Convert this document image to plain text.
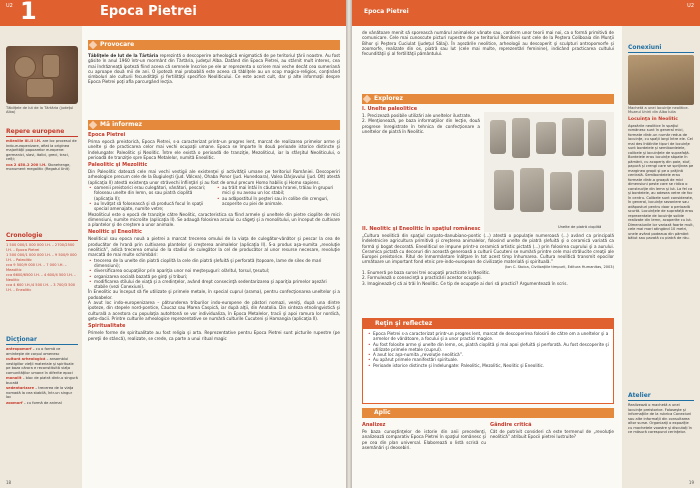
U2 1	Epoca Pietrei
Tăbliţele de lut de la Tărtăria (judeţul Alba)
Repere europene
mileniile III–II î.H. are loc procesul de indo-europenizare, afiat la originea majorităţii popoarelor europene: germanici, slavi, italici, greci, traci, celţi;
cca 2 450–2 200 î.H. Stonehenge, monument megalitic (Regatul Unit)
Cronologie
1 500 000/1 000 000 î.H. – 2700/2500 î.H. – Epoca Pietrei
1 500 000/1 000 000 î.H. – 9 500/9 000 î.H. – Paleolitic
cca 9 500/9 000 î.H. – 7 000 î.H. – Mezolitic
cca 6600/6500 î.H. – 4 600/4 500 î.H. – Neolitic
cca 4 600 î.H./4 500 î.H. – 3 700/3 500 î.H. – Eneolitic
Dicţionar
antropomorf – cu o formă ce aminteşte de corpul omenesc
cultură arheologică – ansamblul vestigiilor vieţii materiale şi spirituale pe baza cărora e reconstituită viaţa comunităţilor umane în diferite epoci
monolit – bloc de piatră dintr-o singură bucată
sedentarizare – trecerea de la viaţa nomadă la cea stabilă, într-un singur loc
zoomorf – cu formă de animal
Provocare
Tăbliţele de lut de la Tărtăria reprezintă o descoperire arheologică enigmatică de pe teritoriul ţării noastre. Au fost găsite în anul 1960 într-un mormânt din Tărtăria, judeţul Alba. Datând din Epoca Pietrei, au stârnit mult interes, cea mai îndrăzneaţă ipoteză fiind aceea că semnele înscrise pe ele ar reprezenta o scriere mai veche decât cea sumeriană cu aproape două mii de ani. O ipoteză mai probabilă este aceea că tăbliţele au un scop magico-religios, conţinând simboluri ale culturii fecundităţii şi fertilităţii specifice Neoliticului. Ce este acest cult, dar şi alte informaţii despre Epoca Pietrei poţi afla parcurgând lecţia.
Mă informez
Epoca Pietrei
Prima epocă preistorică, Epoca Pietrei, s-a caracterizat printr-un progres lent, marcat de realizarea primelor arme şi unelte şi de practicarea celor mai vechi ocupaţii umane. Epoca se împarte în două perioade istorice distincte şi îndelungate: Paleolitic şi Neolitic. Între ele există o perioadă de tranziţie, Mezoliticul, iar la sfârşitul Neoliticului, o perioadă de tranziţie spre Epoca Metalelor, numită Eneolitic.
Paleolitic şi Mezolitic
Din Paleolitic datează cele mai vechi vestigii ale existenţei şi activităţii umane pe teritoriul României. Descoperiri arheologice precum cele de la Bugiuleşti (jud. Vâlcea), Ohaba Ponor (jud. Hunedoara), Valea Dârjovului (jud. Olt) atestă (aplicaţia II) atestă existenţa unor străvechi înfiinţări şi au fost de omul precum Homo habilis şi Homo sapiens.
• oamenii preistorici erau culegători, vânători, pescari; foloseau unelte din lemn, os sau piatră cioplită (aplicaţia II);
• au învăţat să folosească şi să producă focul în spaţii special amenajate, numite vetre;
• au trăit mai întâi în căutarea hranei, trăiau în grupuri mici şi nu aveau un loc stabil;
• au adăpostitul în peşteri sau în colibe din crenguri, acoperite cu piei de animale.
Mezoliticul este o epocă de tranziţie către Neolitic, caracteristica sa fiind armele şi uneltele din pietre cioplite de mici dimensiuni, numite microlite (aplicaţia II). Se adaugă folosirea arcului cu săgeţi şi a monolitului, un început de cultivare a plantelor şi de creştere a unor animale.
Neolitic şi Eneolitic
Neoliticul sau epoca nouă a pietrei a marcat trecerea omului de la viaţa de culegător-vânător şi pescar la cea de producător de hrană prin cultivarea plantelor şi creşterea animalelor (aplicaţia II). S-a produs aşa-numita „revoluţie neolitică”, adică trecerea omului de la stadiul de culegător la cel de producător al unor resurse necesare, revoluţie marcată de mai multe schimbări:
• trecerea de la unelte din piatră cioplită la cele din piatră şlefuită şi perforată (topoare, lame de silex de mari dimensiuni);
• diversificarea ocupaţiilor prin apariţia unor noi meşteşuguri: olăritul, torsul, ţesutul;
• organizarea socială bazată pe ginţi şi triburi;
• modificarea stilului de viaţă şi a credinţelor, având drept consecinţă sedentarizarea şi apariţia primelor aşezări stabile (vezi Conexiuni).
În Eneolitic au început să fie utilizate şi primele metale, în special cuprul (arama), pentru confecţionarea uneltelor şi a podoabelor.
A avut loc indo-europenizarea – pătrunderea triburilor indo-europene de păstori nomazi, veniţi, după una dintre ipoteze, din stepele nord-pontice, Caucaz sau Marea Caspică, iar după alţii, din Anatolia. Din sinteza etnolingvistică şi culturală a acestora cu populaţia autohtonă se vor individualiza, în Epoca Metalelor, tracii şi apoi ramura lor nordică, geto-dacii. Printre culturile arheologice reprezentative se numără culturile Cucuteni şi Hamangia (aplicaţia II).
Spiritualitate
Primele forme de spiritualitate au fost religia şi arta. Reprezentative pentru Epoca Pietrei sunt picturile rupestre (pe pereţii de stâncă), realizate, se crede, ca parte a unui ritual magic
18
Epoca Pietrei
U2
de vânătoare menit să sporească numărul animalelor vânate sau, conform unor teorii mai noi, ca o formă primitivă de comunicare. Cele mai cunoscute picturi rupestre de pe teritoriul României sunt cele de la Peştera Coliboaia din Munţii Bihor şi Peştera Cuciulat (judeţul Sălaj). În aşezările neolitice, arheologii au descoperit şi sculpturi antropomorfe şi zoomorfe, realizate din os, piatră sau lut (cele mai multe, reprezentări feminine), indicând practicarea cultului fecundităţii şi al fertilităţii pământului.
Explorez
I. Unelte paleolitice
1. Precizează posibile utilizări ale uneltelor ilustrate.
2. Menţionează, pe baza informaţiilor din lecţie, două progrese înregistrate în tehnica de confecţionare a uneltelor de piatră în Neolitic.
Unelte de piatră cioplită
II. Neolitic şi Eneolitic în spaţiul românesc
„Cultura neolitică din spaţiul carpato-danubiano-pontic (...) atestă o populaţie numeroasă (...) având ca principală îndeletnicire agricultura primitivă şi creşterea animalelor, folosind unelte de piatră şlefuită şi o ceramică variată ca formă şi bogat decorată. Eneoliticul se impune printr-o ceramică artistic pictată (...) prin folosirea cuprului şi a aurului. Ceramica pictată cu decoruri din această generoasă a culturii Cucuteni se numără printre cele mai strălucite creaţii ale Europei preistorice. Ritul de înmormântare înălţare în tot acest timp înhumarea. Cultura neolitică transmit epocilor următoare un important fond etnic pre-indo-european de civilizaţie materială şi spirituală.”
(Ion C. Stoica, Civilizaţiile timpurii, Editura Humanitas, 2003)
1. Enumeră pe baza sursei trei ocupaţii practicate în Neolitic.
2. Formulează o consecinţă a practicării acestor ocupaţii.
3. Imaginează-ţi că ai trăi în Neolitic. Ce tip de ocupaţie ai dori să practici? Argumentează în scris.
Reţin şi reflectez
• Epoca Pietrei s-a caracterizat printr-un progres lent, marcat de descoperirea folosirii de către om a uneltelor şi a armelor de vânătoare, a focului şi a unor practici magice.
• Au fost folosite arme şi unelte din lemn, os, piatră cioplită şi mai apoi şlefuită şi perforată. Au fost descoperite şi utilizate primele metale (cuprul).
• A avut loc aşa-numita „revoluţie neolitică”.
• Au apărut primele manifestări spirituale.
• Perioade istorice distincte şi îndelungate: Paleolitic, Mezolitic, Neolitic şi Eneolitic.
Aplic
Analizez
Pe baza cunoştinţelor de istorie din anii precedenţi, analizează comparativ Epoca Pietrei în spaţiul românesc şi pe cea din plan universal. Elaborează o listă scrisă cu asemănări şi deosebiri.
Gândire critică
Cât de potrivit consideri că este termenul de „revoluţie neolitică” atribuit Epocii pietrei lustruite?
Conexiuni
Machetă a unei locuinţe neolitice. Muzeul Unirii din Alba Iulia
Locuinţa în Neolitic
Aşezările neolitice în spaţiul românesc sunt în general mici, formate dintr-un număr redus de locuinţe, cu spaţii largi între ele. Cel mai des întâlnite tipuri de locuinţe sunt bordeiele şi semibordeiele, colibele şi locuinţele de suprafaţă. Bordeiele erau locuinţe săpate în pământ, cu acoperiş din paie, stuf, papură şi crengi care se sprijinea pe marginea gropii şi pe o prăjină centrală. Semibordeiele erau formate dintr-o groapă de mici dimensiuni peste care se ridica o construcţie din lemn şi lut. La fel ca şi bordeiele, au adesea vetre de foc în centru. Colibele sunt considerate, în general, locuinţe sezoniere sau adăposturi pentru doar o perioadă scurtă. Locuinţele de suprafaţă erau reprezentate de locuinţe solide realizate din lemn, acoperite cu lut. Dimensiunile lor variază foarte mult, cele mai mari atingând 10 metri, unele având podeaua din pământ bătut sau pavată cu piatră de râu.
Atelier
Realizează o machetă a unei locuinţe preistorice. Foloseşte şi informaţiile de la rubrica Conexiuni sau alte informaţii din consultarea altor surse. Organizaţi o expoziţie cu machetele voastre şi discutaţi în ce măsură corespund cerinţelor.
19
